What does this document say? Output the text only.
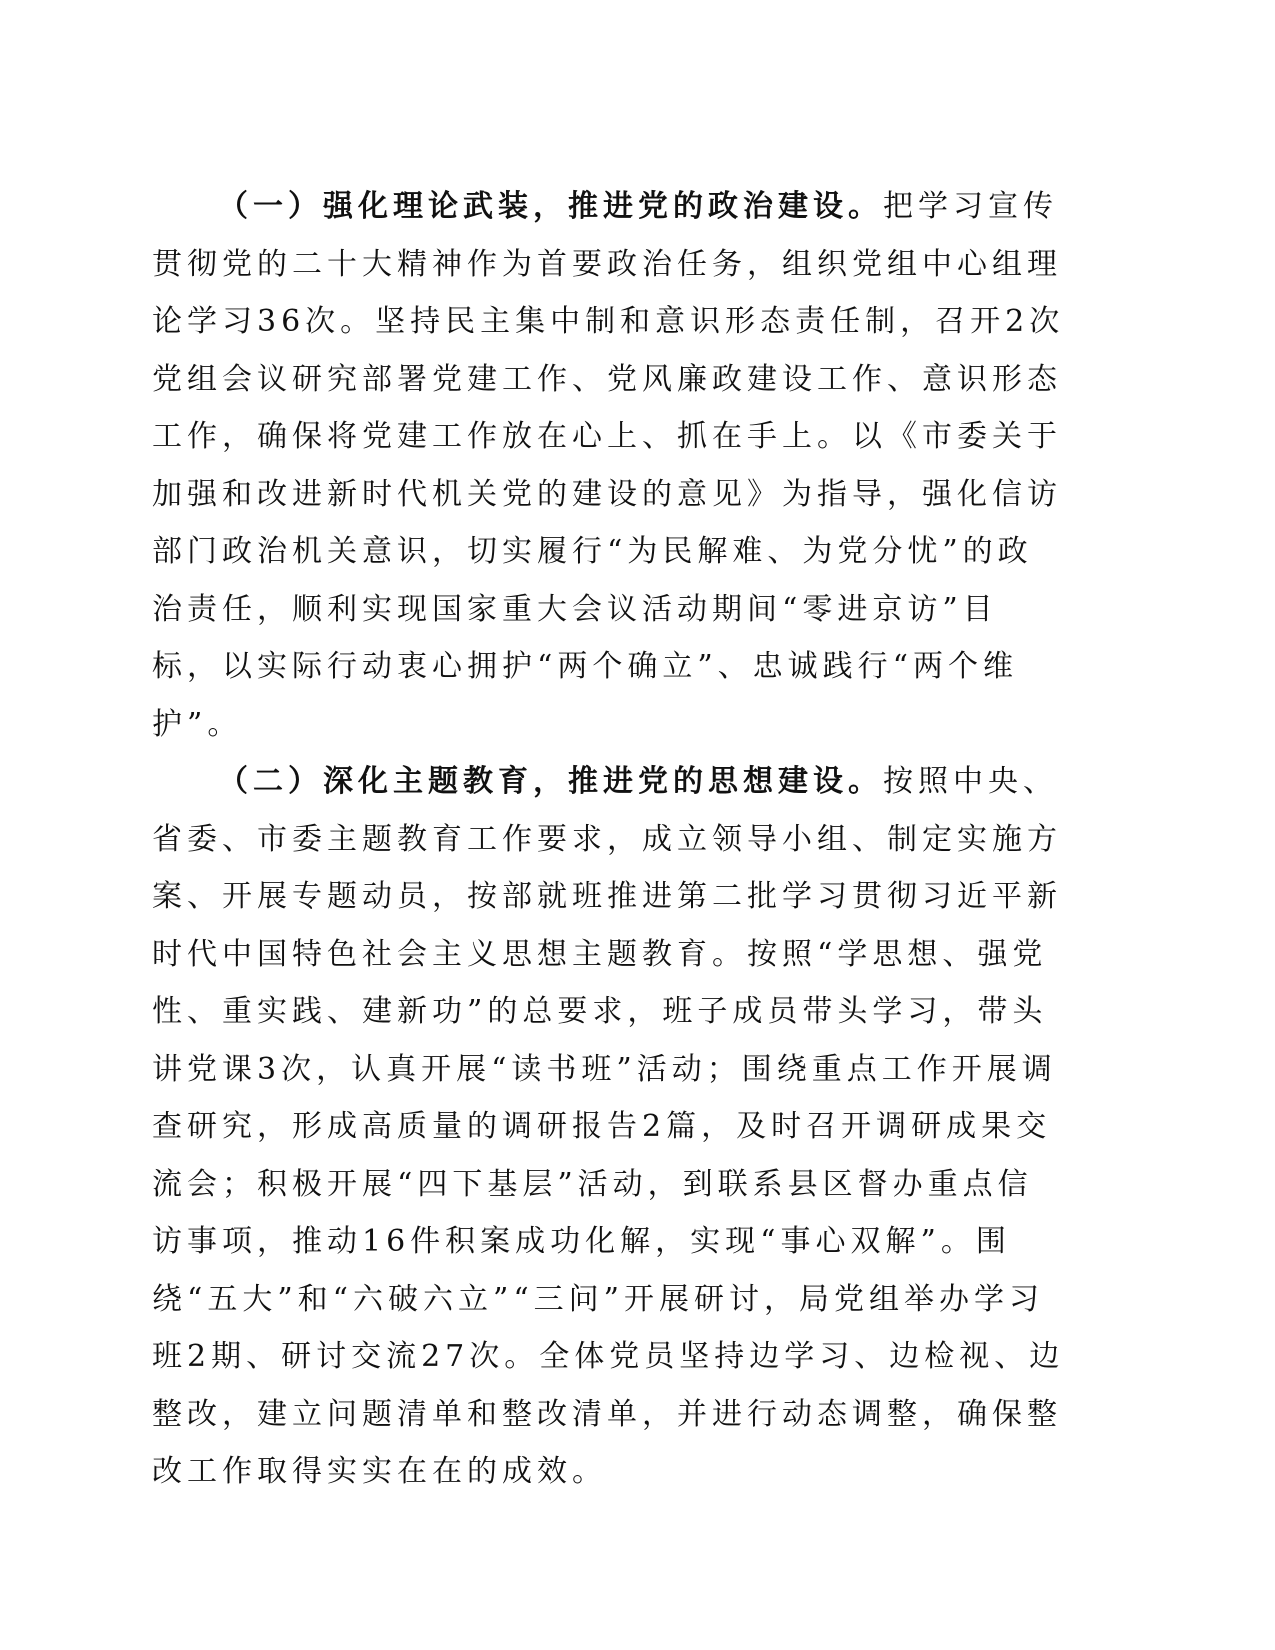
（一）强化理论武装，推进党的政治建设。把学习宣传贯彻党的二十大精神作为首要政治任务，组织党组中心组理论学习36次。坚持民主集中制和意识形态责任制，召开2次党组会议研究部署党建工作、党风廉政建设工作、意识形态工作，确保将党建工作放在心上、抓在手上。以《市委关于加强和改进新时代机关党的建设的意见》为指导，强化信访部门政治机关意识，切实履行“为民解难、为党分忧”的政治责任，顺利实现国家重大会议活动期间“零进京访”目标，以实际行动衷心拥护“两个确立”、忠诚践行“两个维护”。

（二）深化主题教育，推进党的思想建设。按照中央、省委、市委主题教育工作要求，成立领导小组、制定实施方案、开展专题动员，按部就班推进第二批学习贯彻习近平新时代中国特色社会主义思想主题教育。按照“学思想、强党性、重实践、建新功”的总要求，班子成员带头学习，带头讲党课3次，认真开展“读书班”活动；围绕重点工作开展调查研究，形成高质量的调研报告2篇，及时召开调研成果交流会；积极开展“四下基层”活动，到联系县区督办重点信访事项，推动16件积案成功化解，实现“事心双解”。围绕“五大”和“六破六立”“三问”开展研讨，局党组举办学习班2期、研讨交流27次。全体党员坚持边学习、边检视、边整改，建立问题清单和整改清单，并进行动态调整，确保整改工作取得实实在在的成效。
